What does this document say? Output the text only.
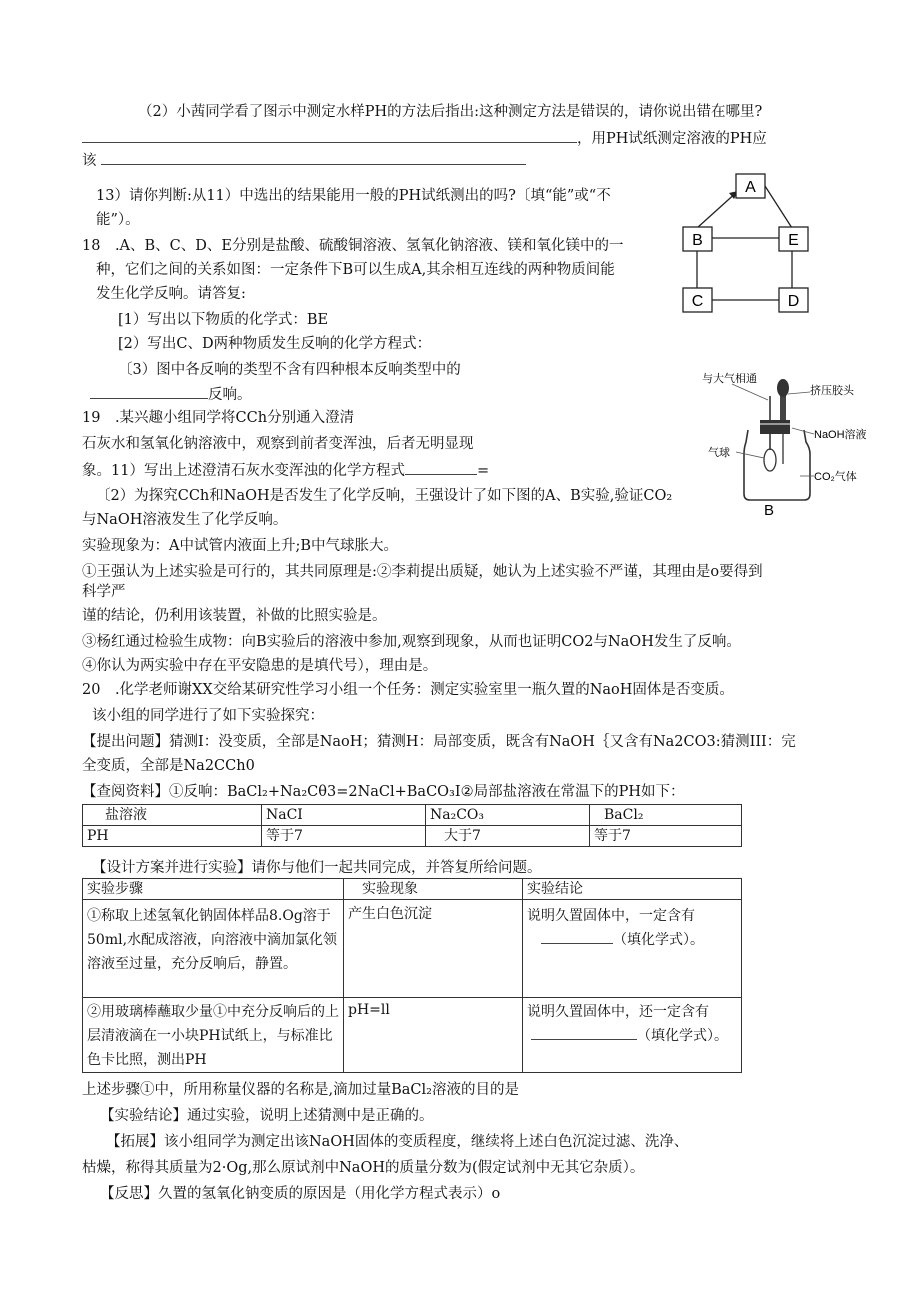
（2）小茜同学看了图示中测定水样PH的方法后指出:这种测定方法是错误的，请你说出错在哪里?
，用PH试纸测定溶液的PH应
该
13）请你判断:从11）中选出的结果能用一般的PH试纸测出的吗?〔填“能”或“不
能”）。
18　.A、B、C、D、E分别是盐酸、硫酸铜溶液、氢氧化钠溶液、镁和氧化镁中的一
种，它们之间的关系如图：一定条件下B可以生成A,其余相互连线的两种物质间能
发生化学反响。请答复:
[1）写出以下物质的化学式：BE
[2）写出C、D两种物质发生反响的化学方程式：
〔3）图中各反响的类型不含有四种根本反响类型中的
反响。
A
B	E
C	D
19　.某兴趣小组同学将CCh分别通入澄清
石灰水和氢氧化钠溶液中，观察到前者变浑浊，后者无明显现
象。11）写出上述澄清石灰水变浑浊的化学方程式	=
〔2）为探究CCh和NaOH是否发生了化学反响，王强设计了如下图的A、B实验,验证CO₂
与NaOH溶液发生了化学反响。
实验现象为：A中试管内液面上升;B中气球胀大。
①王强认为上述实验是可行的，其共同原理是:②李莉提出质疑，她认为上述实验不严谨，其理由是o要得到
科学严
谨的结论，仍利用该装置，补做的比照实验是。
③杨红通过检验生成物：向B实验后的溶液中参加,观察到现象，从而也证明CO2与NaOH发生了反响。
④你认为两实验中存在平安隐患的是填代号），理由是。
与大气相通
挤压胶头
NaOH溶液
气球
CO₂气体
B
20　.化学老师谢XX交给某研究性学习小组一个任务：测定实验室里一瓶久置的NaoH固体是否变质。
该小组的同学进行了如下实验探究：
【提出问题】猜测I：没变质，全部是NaoH；猜测H：局部变质，既含有NaOH｛又含有Na2CO3:猜测III：完
全变质，全部是Na2CCh0
【查阅资料】①反响：BaCl₂+Na₂Cθ3=2NaCl+BaCO₃I②局部盐溶液在常温下的PH如下：
盐溶液	NaCI	Na₂CO₃	BaCl₂
PH	等于7	大于7	等于7
【设计方案并进行实验】请你与他们一起共同完成，并答复所给问题。
实验步骤	实验现象	实验结论
①称取上述氢氧化钠固体样品8.Og溶于50ml,水配成溶液，向溶液中滴加氯化领溶液至过量，充分反响后，静置。	产生白色沉淀	说明久置固体中，一定含有
（填化学式）。

②用玻璃棒蘸取少量①中充分反响后的上层清液滴在一小块PH试纸上，与标准比色卡比照，测出PH	pH=ll	说明久置固体中，还一定含有
（填化学式）。
上述步骤①中，所用称量仪器的名称是,滴加过量BaCl₂溶液的目的是
【实验结论】通过实验，说明上述猜测中是正确的。
【拓展】该小组同学为测定出该NaOH固体的变质程度，继续将上述白色沉淀过滤、洗净、
枯燥，称得其质量为2·Og,那么原试剂中NaOH的质量分数为(假定试剂中无其它杂质）。
【反思】久置的氢氧化钠变质的原因是（用化学方程式表示）o
